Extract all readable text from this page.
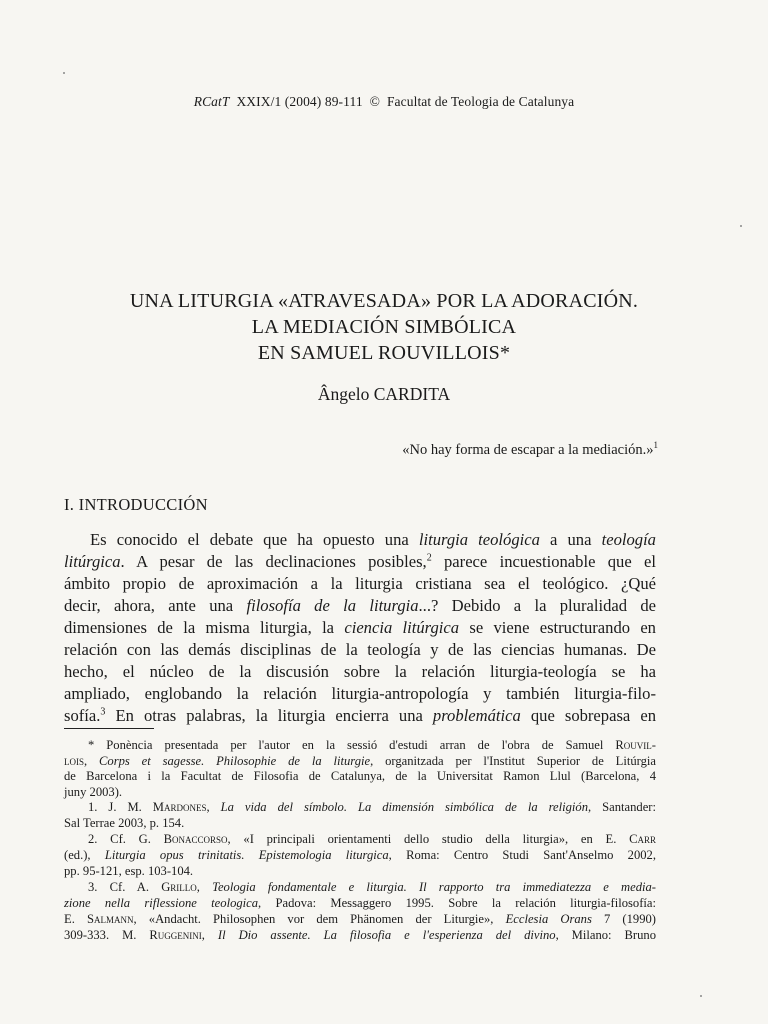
RCatT XXIX/1 (2004) 89-111 © Facultat de Teologia de Catalunya
UNA LITURGIA «ATRAVESADA» POR LA ADORACIÓN.
LA MEDIACIÓN SIMBÓLICA
EN SAMUEL ROUVILLOIS*
Ângelo CARDITA
«No hay forma de escapar a la mediación.»$^1$
I. INTRODUCCIÓN
Es conocido el debate que ha opuesto una liturgia teológica a una teología
litúrgica. A pesar de las declinaciones posibles,$^2$ parece incuestionable que el
ámbito propio de aproximación a la liturgia cristiana sea el teológico. ¿Qué
decir, ahora, ante una filosofía de la liturgia...? Debido a la pluralidad de
dimensiones de la misma liturgia, la ciencia litúrgica se viene estructurando en
relación con las demás disciplinas de la teología y de las ciencias humanas. De
hecho, el núcleo de la discusión sobre la relación liturgia-teología se ha
ampliado, englobando la relación liturgia-antropología y también liturgia-filo-
sofía.$^3$ En otras palabras, la liturgia encierra una problemática que sobrepasa en
* Ponència presentada per l'autor en la sessió d'estudi arran de l'obra de Samuel Rouvil-
lois, Corps et sagesse. Philosophie de la liturgie, organitzada per l'Institut Superior de Litúrgia
de Barcelona i la Facultat de Filosofia de Catalunya, de la Universitat Ramon Llul (Barcelona, 4
juny 2003).
1. J. M. Mardones, La vida del símbolo. La dimensión simbólica de la religión, Santander:
Sal Terrae 2003, p. 154.
2. Cf. G. Bonaccorso, «I principali orientamenti dello studio della liturgia», en E. Carr
(ed.), Liturgia opus trinitatis. Epistemologia liturgica, Roma: Centro Studi Sant'Anselmo 2002,
pp. 95-121, esp. 103-104.
3. Cf. A. Grillo, Teologia fondamentale e liturgia. Il rapporto tra immediatezza e media-
zione nella riflessione teologica, Padova: Messaggero 1995. Sobre la relación liturgia-filosofía:
E. Salmann, «Andacht. Philosophen vor dem Phänomen der Liturgie», Ecclesia Orans 7 (1990)
309-333. M. Ruggenini, Il Dio assente. La filosofia e l'esperienza del divino, Milano: Bruno
